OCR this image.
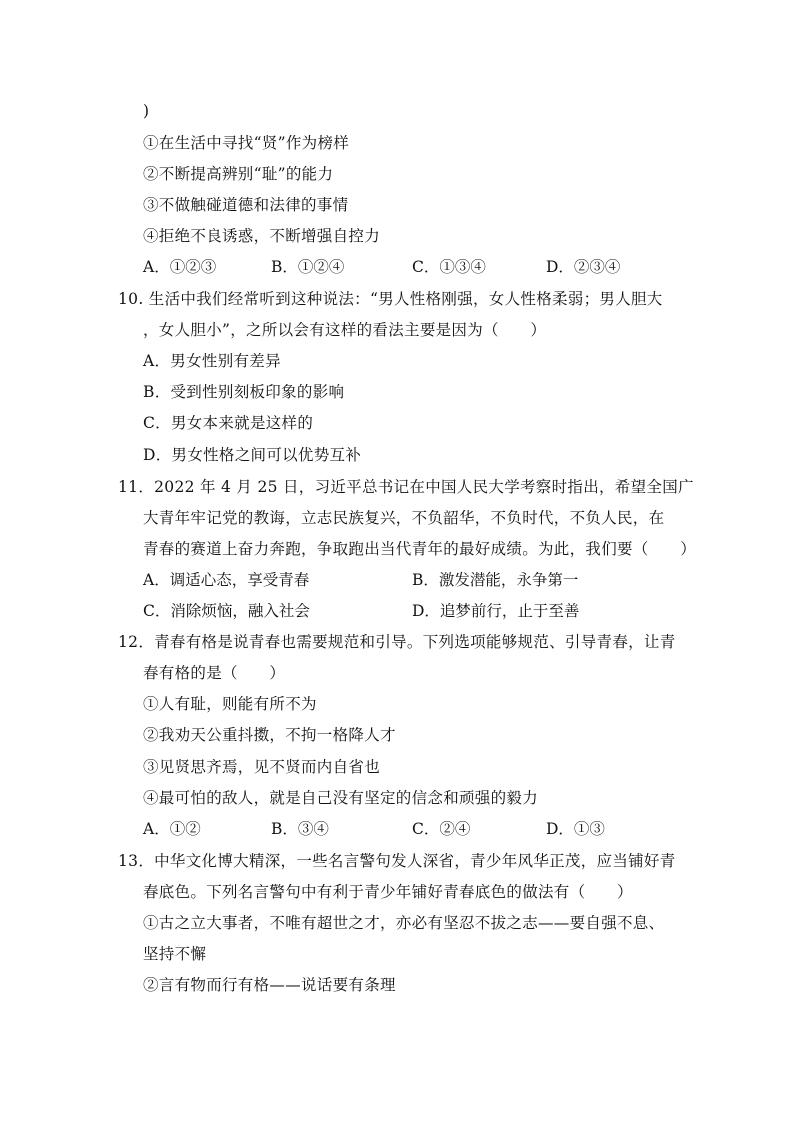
)
①在生活中寻找“贤”作为榜样
②不断提高辨别“耻”的能力
③不做触碰道德和法律的事情
④拒绝不良诱惑，不断增强自控力
A．①②③	B．①②④	C．①③④	D．②③④
10. 生活中我们经常听到这种说法：“男人性格刚强，女人性格柔弱；男人胆大
，女人胆小”，之所以会有这样的看法主要是因为（　　）
A．男女性别有差异
B．受到性别刻板印象的影响
C．男女本来就是这样的
D．男女性格之间可以优势互补
11．2022 年 4 月 25 日，习近平总书记在中国人民大学考察时指出，希望全国广
大青年牢记党的教诲，立志民族复兴，不负韶华，不负时代，不负人民，在
青春的赛道上奋力奔跑，争取跑出当代青年的最好成绩。为此，我们要（　　）
A．调适心态，享受青春	B．激发潜能，永争第一
C．消除烦恼，融入社会	D．追梦前行，止于至善
12．青春有格是说青春也需要规范和引导。下列选项能够规范、引导青春，让青
春有格的是（　　）
①人有耻，则能有所不为
②我劝天公重抖擞，不拘一格降人才
③见贤思齐焉，见不贤而内自省也
④最可怕的敌人，就是自己没有坚定的信念和顽强的毅力
A．①②	B．③④	C．②④	D．①③
13．中华文化博大精深，一些名言警句发人深省，青少年风华正茂，应当铺好青
春底色。下列名言警句中有利于青少年铺好青春底色的做法有（　　）
①古之立大事者，不唯有超世之才，亦必有坚忍不拔之志——要自强不息、
坚持不懈
②言有物而行有格——说话要有条理
